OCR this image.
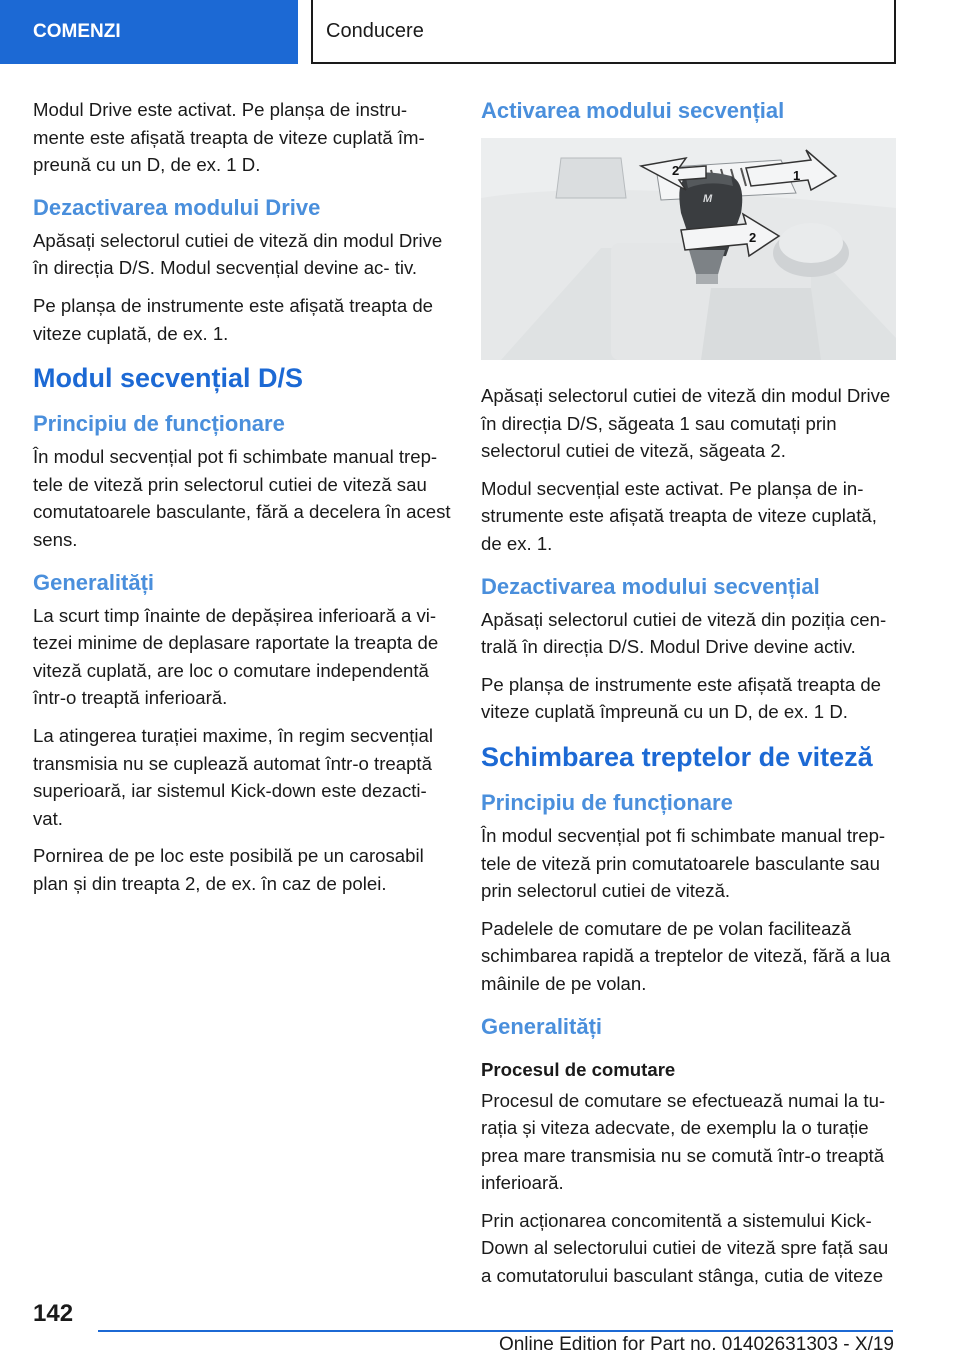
COMENZI	Conducere

Modul Drive este activat. Pe planșa de instru‐ mente este afișată treapta de viteze cuplată îm‐ preună cu un D, de ex. 1 D.

Dezactivarea modului Drive

Apăsați selectorul cutiei de viteză din modul Drive în direcția D/S. Modul secvențial devine ac‐ tiv.

Pe planșa de instrumente este afișată treapta de viteze cuplată, de ex. 1.

Modul secvențial D/S
Principiu de funcționare

În modul secvențial pot fi schimbate manual trep‐ tele de viteză prin selectorul cutiei de viteză sau comutatoarele basculante, fără a decelera în acest sens.

Generalități

La scurt timp înainte de depășirea inferioară a vi‐ tezei minime de deplasare raportate la treapta de viteză cuplată, are loc o comutare independentă într‑o treaptă inferioară.

La atingerea turației maxime, în regim secvențial transmisia nu se cuplează automat într‑o treaptă superioară, iar sistemul Kick‑down este dezacti‐ vat.

Pornirea de pe loc este posibilă pe un carosabil plan și din treapta 2, de ex. în caz de polei.

Activarea modului secvențial
2	1
2
M

Apăsați selectorul cutiei de viteză din modul Drive în direcția D/S, săgeata 1 sau comutați prin selectorul cutiei de viteză, săgeata 2.

Modul secvențial este activat. Pe planșa de in‐ strumente este afișată treapta de viteze cuplată, de ex. 1.

Dezactivarea modului secvențial

Apăsați selectorul cutiei de viteză din poziția cen‐ trală în direcția D/S. Modul Drive devine activ.

Pe planșa de instrumente este afișată treapta de viteze cuplată împreună cu un D, de ex. 1 D.

Schimbarea treptelor de viteză
Principiu de funcționare

În modul secvențial pot fi schimbate manual trep‐ tele de viteză prin comutatoarele basculante sau prin selectorul cutiei de viteză.

Padelele de comutare de pe volan facilitează schimbarea rapidă a treptelor de viteză, fără a lua mâinile de pe volan.

Generalități
Procesul de comutare

Procesul de comutare se efectuează numai la tu‐ rația și viteza adecvate, de exemplu la o turație prea mare transmisia nu se comută într‑o treaptă inferioară.

Prin acționarea concomitentă a sistemului Kick‑ Down al selectorului cutiei de viteză spre față sau a comutatorului basculant stânga, cutia de viteze

142
Online Edition for Part no. 01402631303 - X/19
